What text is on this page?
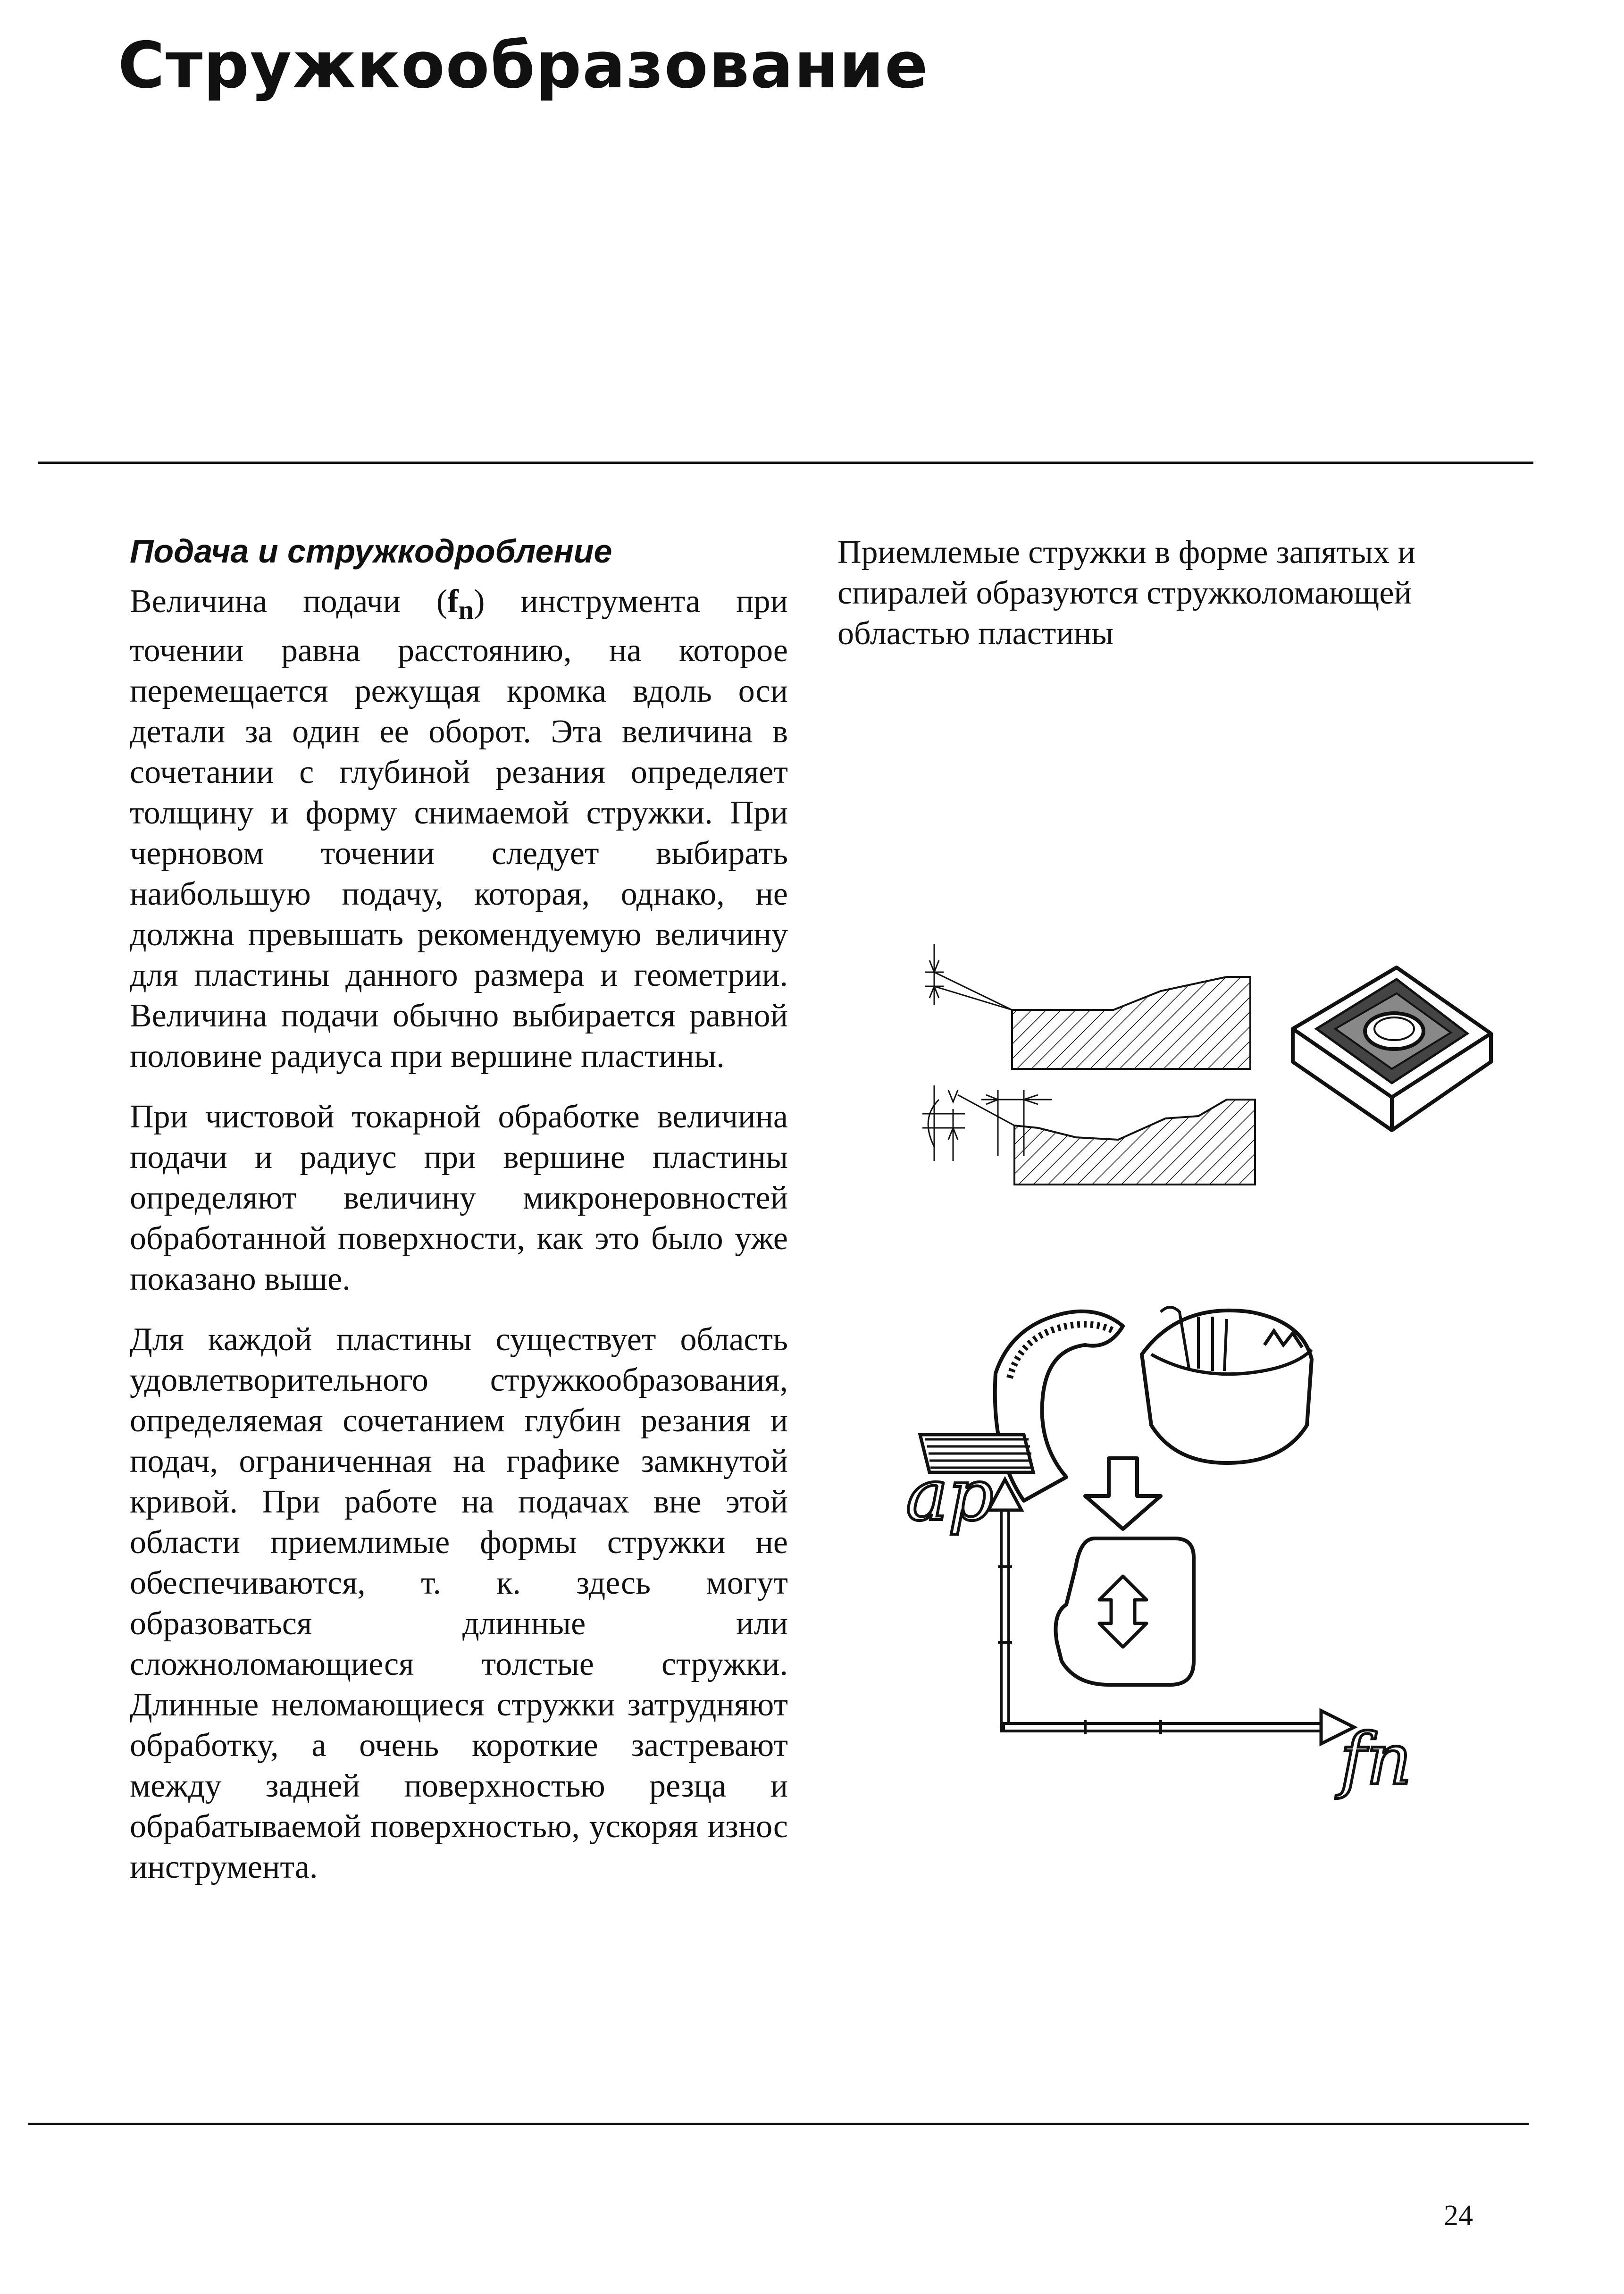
Стружкообразование
Подача и стружкодробление

Величина подачи $(f_n)$ инструмента при точении равна расстоянию, на которое перемещается режущая кромка вдоль оси детали за один ее оборот. Эта величина в сочетании с глубиной резания определяет толщину и форму снимаемой стружки. При черновом точении следует выбирать наибольшую подачу, которая, однако, не должна превышать рекомендуемую величину для пластины данного размера и геометрии. Величина подачи обычно выбирается равной половине радиуса при вершине пластины.

При чистовой токарной обработке величина подачи и радиус при вершине пластины определяют величину микронеровностей обработанной поверхности, как это было уже показано выше.

Для каждой пластины существует область удовлетворительного стружкообразования, определяемая сочетанием глубин резания и подач, ограниченная на графике замкнутой кривой. При работе на подачах вне этой области приемлимые формы стружки не обеспечиваются, т. к. здесь могут образоваться длинные или сложноломающиеся толстые стружки. Длинные неломающиеся стружки затрудняют обработку, а очень короткие застревают между задней поверхностью резца и обрабатываемой поверхностью, ускоряя износ инструмента.

Приемлемые стружки в форме запятых и спиралей образуются стружколомающей областью пластины

ap
fn
24
